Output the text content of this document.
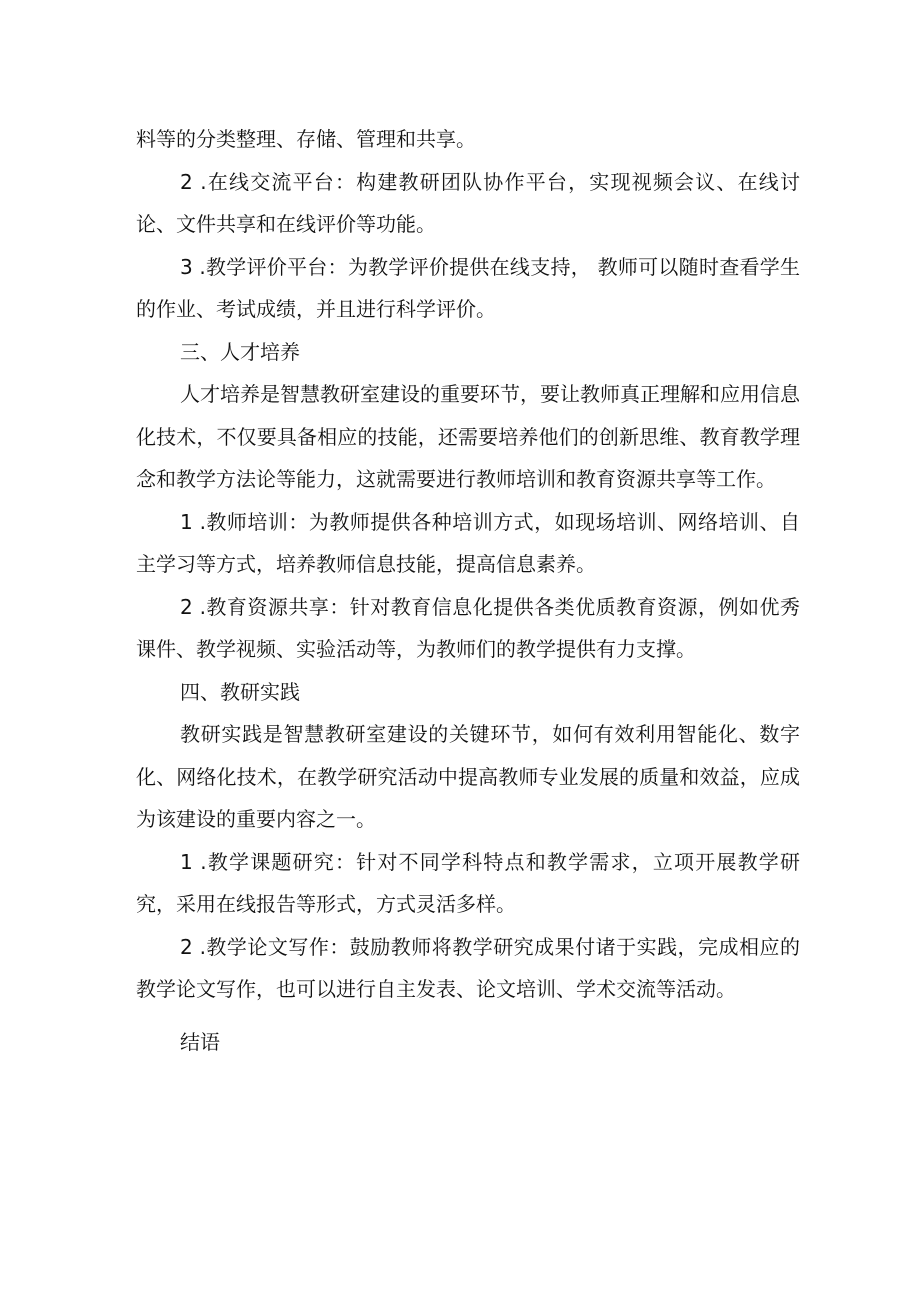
料等的分类整理、存储、管理和共享。

2 .在线交流平台：构建教研团队协作平台，实现视频会议、在线讨论、文件共享和在线评价等功能。

3 .教学评价平台：为教学评价提供在线支持， 教师可以随时查看学生的作业、考试成绩，并且进行科学评价。

三、人才培养

人才培养是智慧教研室建设的重要环节，要让教师真正理解和应用信息化技术，不仅要具备相应的技能，还需要培养他们的创新思维、教育教学理念和教学方法论等能力，这就需要进行教师培训和教育资源共享等工作。

1 .教师培训：为教师提供各种培训方式，如现场培训、网络培训、自主学习等方式，培养教师信息技能，提高信息素养。

2 .教育资源共享：针对教育信息化提供各类优质教育资源，例如优秀课件、教学视频、实验活动等，为教师们的教学提供有力支撑。

四、教研实践

教研实践是智慧教研室建设的关键环节，如何有效利用智能化、数字化、网络化技术，在教学研究活动中提高教师专业发展的质量和效益，应成为该建设的重要内容之一。

1 .教学课题研究：针对不同学科特点和教学需求，立项开展教学研究，采用在线报告等形式，方式灵活多样。

2 .教学论文写作：鼓励教师将教学研究成果付诸于实践，完成相应的教学论文写作，也可以进行自主发表、论文培训、学术交流等活动。

结语
